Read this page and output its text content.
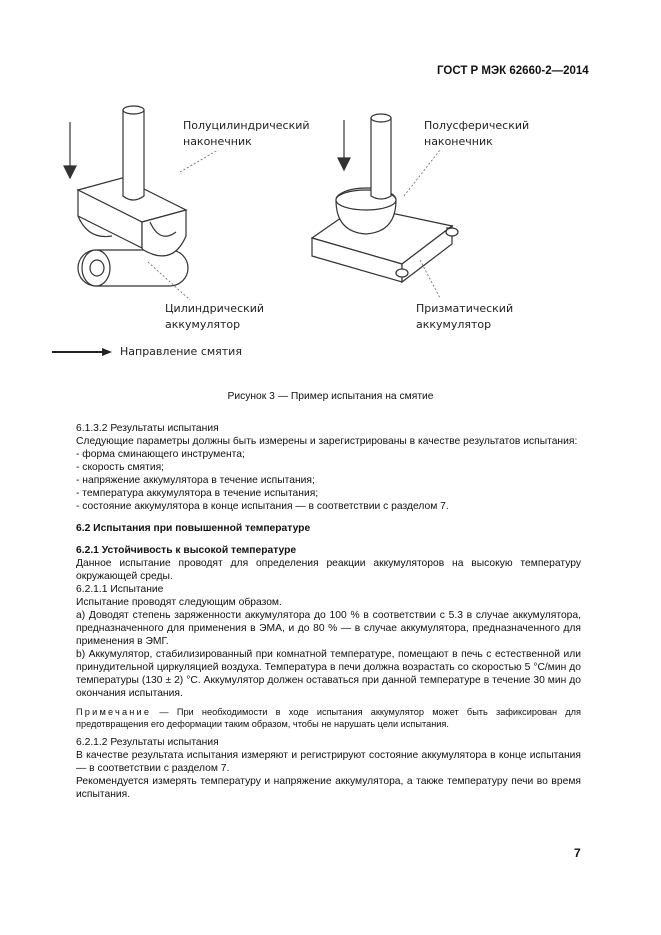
ГОСТ Р МЭК 62660-2—2014
Полуцилиндрический
наконечник
Полусферический
наконечник
Цилиндрический
аккумулятор
Призматический
аккумулятор
Направление смятия
Рисунок 3 — Пример испытания на смятие

6.1.3.2 Результаты испытания

Следующие параметры должны быть измерены и зарегистрированы в качестве результатов испытания:

- форма сминающего инструмента;

- скорость смятия;

- напряжение аккумулятора в течение испытания;

- температура аккумулятора в течение испытания;

- состояние аккумулятора в конце испытания — в соответствии с разделом 7.

6.2 Испытания при повышенной температуре

6.2.1 Устойчивость к высокой температуре

Данное испытание проводят для определения реакции аккумуляторов на высокую температуру окружающей среды.

6.2.1.1 Испытание

Испытание проводят следующим образом.

а) Доводят степень заряженности аккумулятора до 100 % в соответствии с 5.3 в случае аккумулятора, предназначенного для применения в ЭМА, и до 80 % — в случае аккумулятора, предназначенного для применения в ЭМГ.

b) Аккумулятор, стабилизированный при комнатной температуре, помещают в печь с естественной или принудительной циркуляцией воздуха. Температура в печи должна возрастать со скоростью 5 °С/мин до температуры (130 ± 2) °С. Аккумулятор должен оставаться при данной температуре в течение 30 мин до окончания испытания.

Примечание — При необходимости в ходе испытания аккумулятор может быть зафиксирован для предотвращения его деформации таким образом, чтобы не нарушать цели испытания.

6.2.1.2 Результаты испытания

В качестве результата испытания измеряют и регистрируют состояние аккумулятора в конце испытания — в соответствии с разделом 7.

Рекомендуется измерять температуру и напряжение аккумулятора, а также температуру печи во время испытания.

7
